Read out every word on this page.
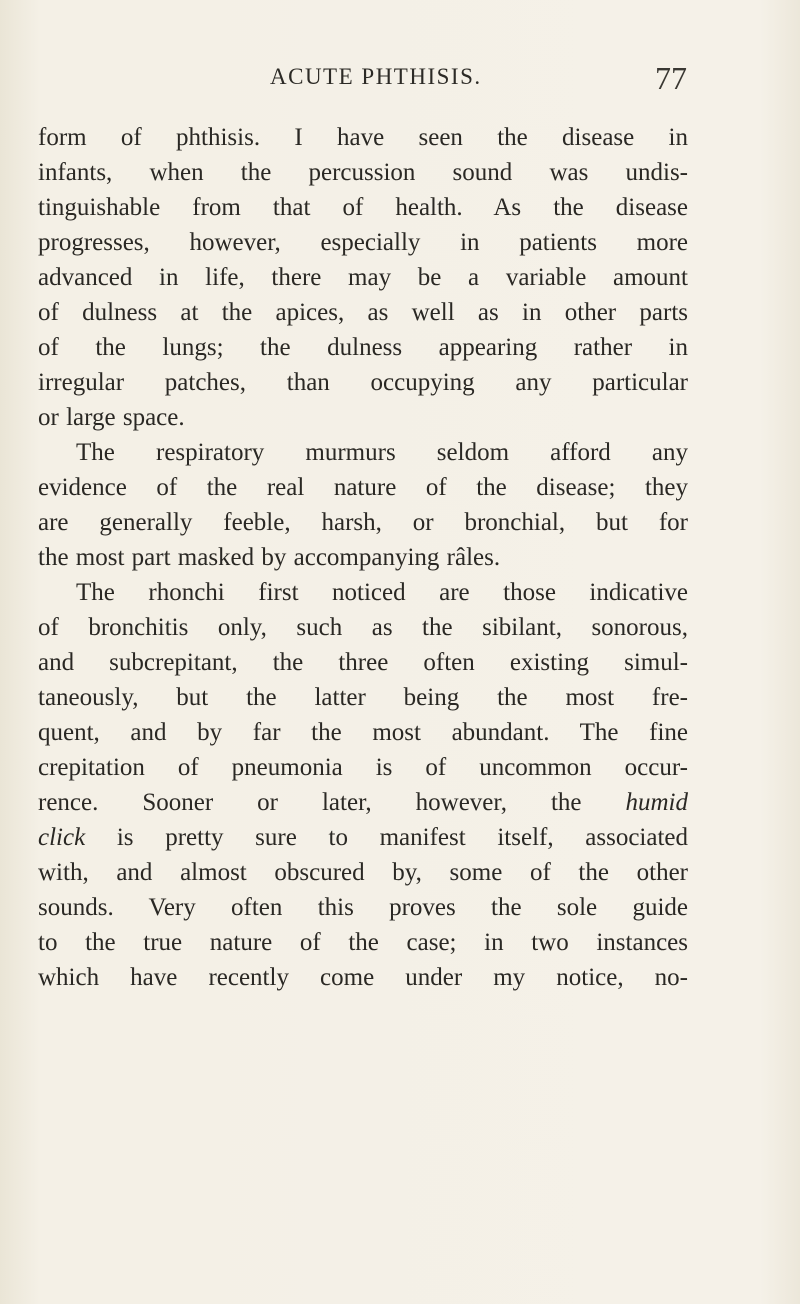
ACUTE PHTHISIS.	77
form of phthisis. I have seen the disease in
infants, when the percussion sound was undis-
tinguishable from that of health. As the disease
progresses, however, especially in patients more
advanced in life, there may be a variable amount
of dulness at the apices, as well as in other parts
of the lungs; the dulness appearing rather in
irregular patches, than occupying any particular
or large space.
The respiratory murmurs seldom afford any
evidence of the real nature of the disease; they
are generally feeble, harsh, or bronchial, but for
the most part masked by accompanying râles.
The rhonchi first noticed are those indicative
of bronchitis only, such as the sibilant, sonorous,
and subcrepitant, the three often existing simul-
taneously, but the latter being the most fre-
quent, and by far the most abundant. The fine
crepitation of pneumonia is of uncommon occur-
rence. Sooner or later, however, the humid
click is pretty sure to manifest itself, associated
with, and almost obscured by, some of the other
sounds. Very often this proves the sole guide
to the true nature of the case; in two instances
which have recently come under my notice, no-
